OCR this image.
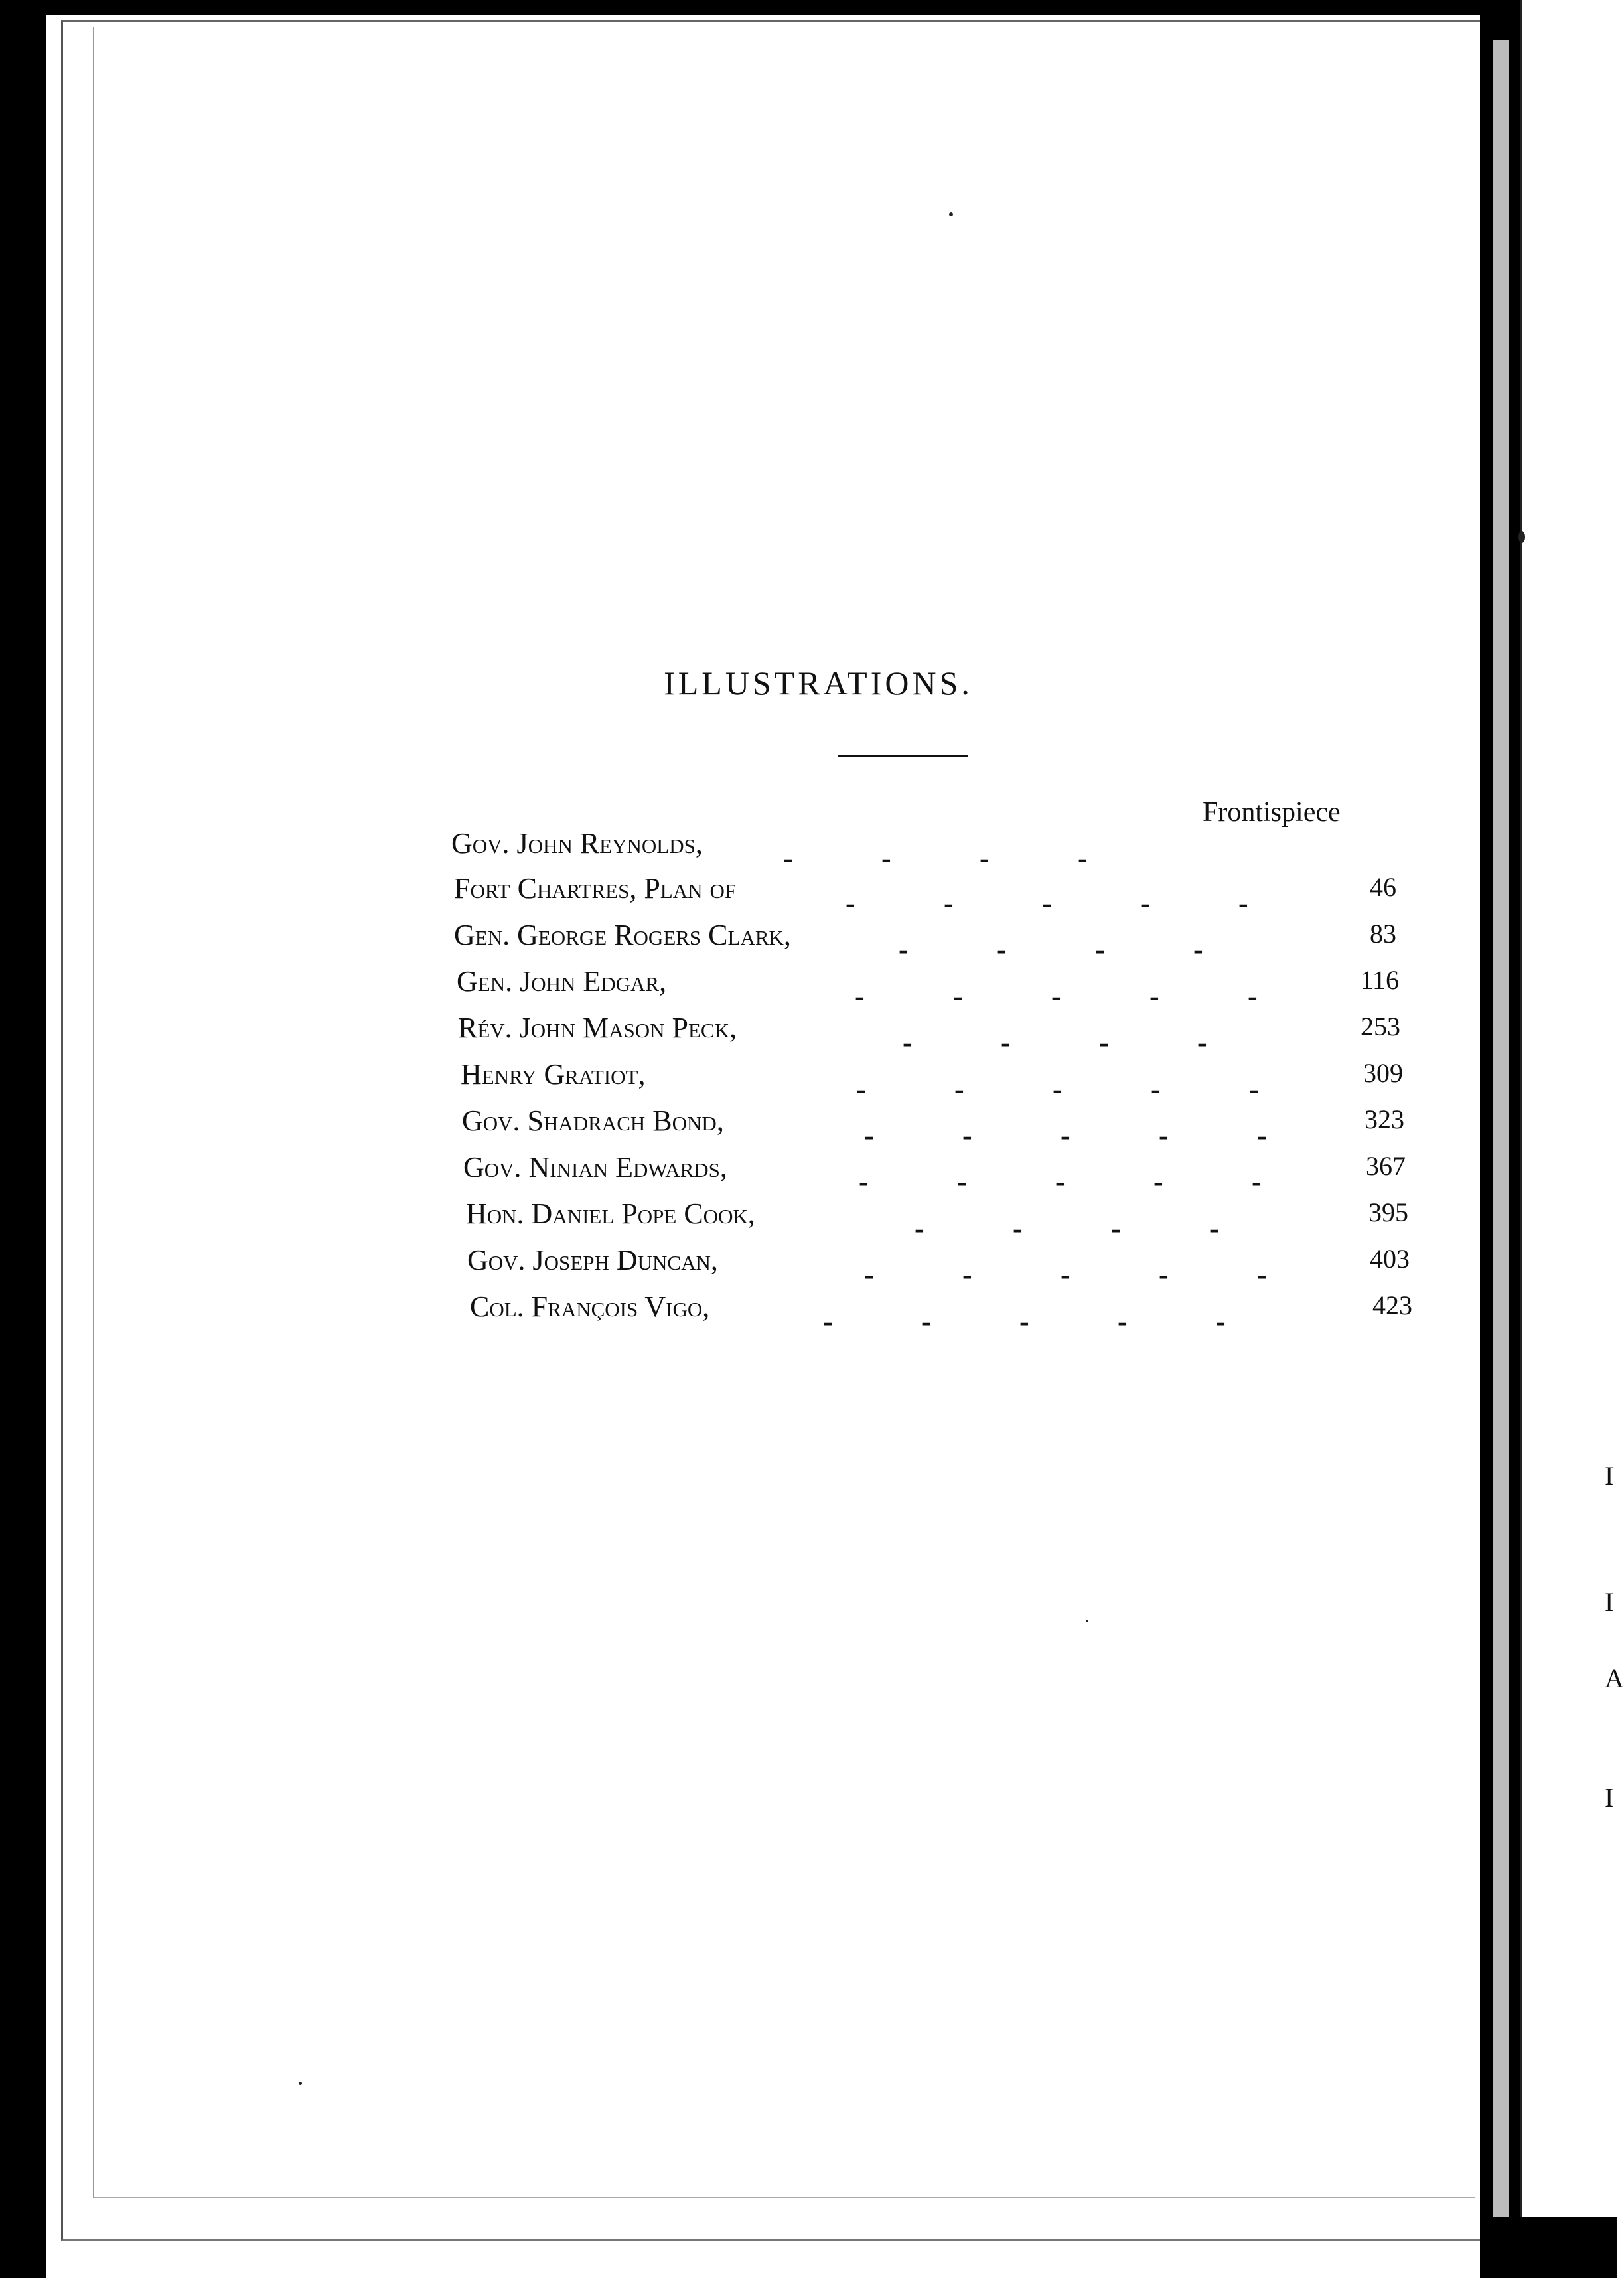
I
I
A
I
ILLUSTRATIONS.
Frontispiece
Gov. John Reynolds,	-	-	-	-
Fort Chartres, Plan of	-	-	-	-	-	46
Gen. George Rogers Clark,	-	-	-	-	83
Gen. John Edgar,	-	-	-	-	-	116
Rév. John Mason Peck,	-	-	-	-	253
Henry Gratiot,	-	-	-	-	-	309
Gov. Shadrach Bond,	-	-	-	-	-	323
Gov. Ninian Edwards,	-	-	-	-	-	367
Hon. Daniel Pope Cook,	-	-	-	-	395
Gov. Joseph Duncan,	-	-	-	-	-	403
Col. François Vigo,	-	-	-	-	-	423
